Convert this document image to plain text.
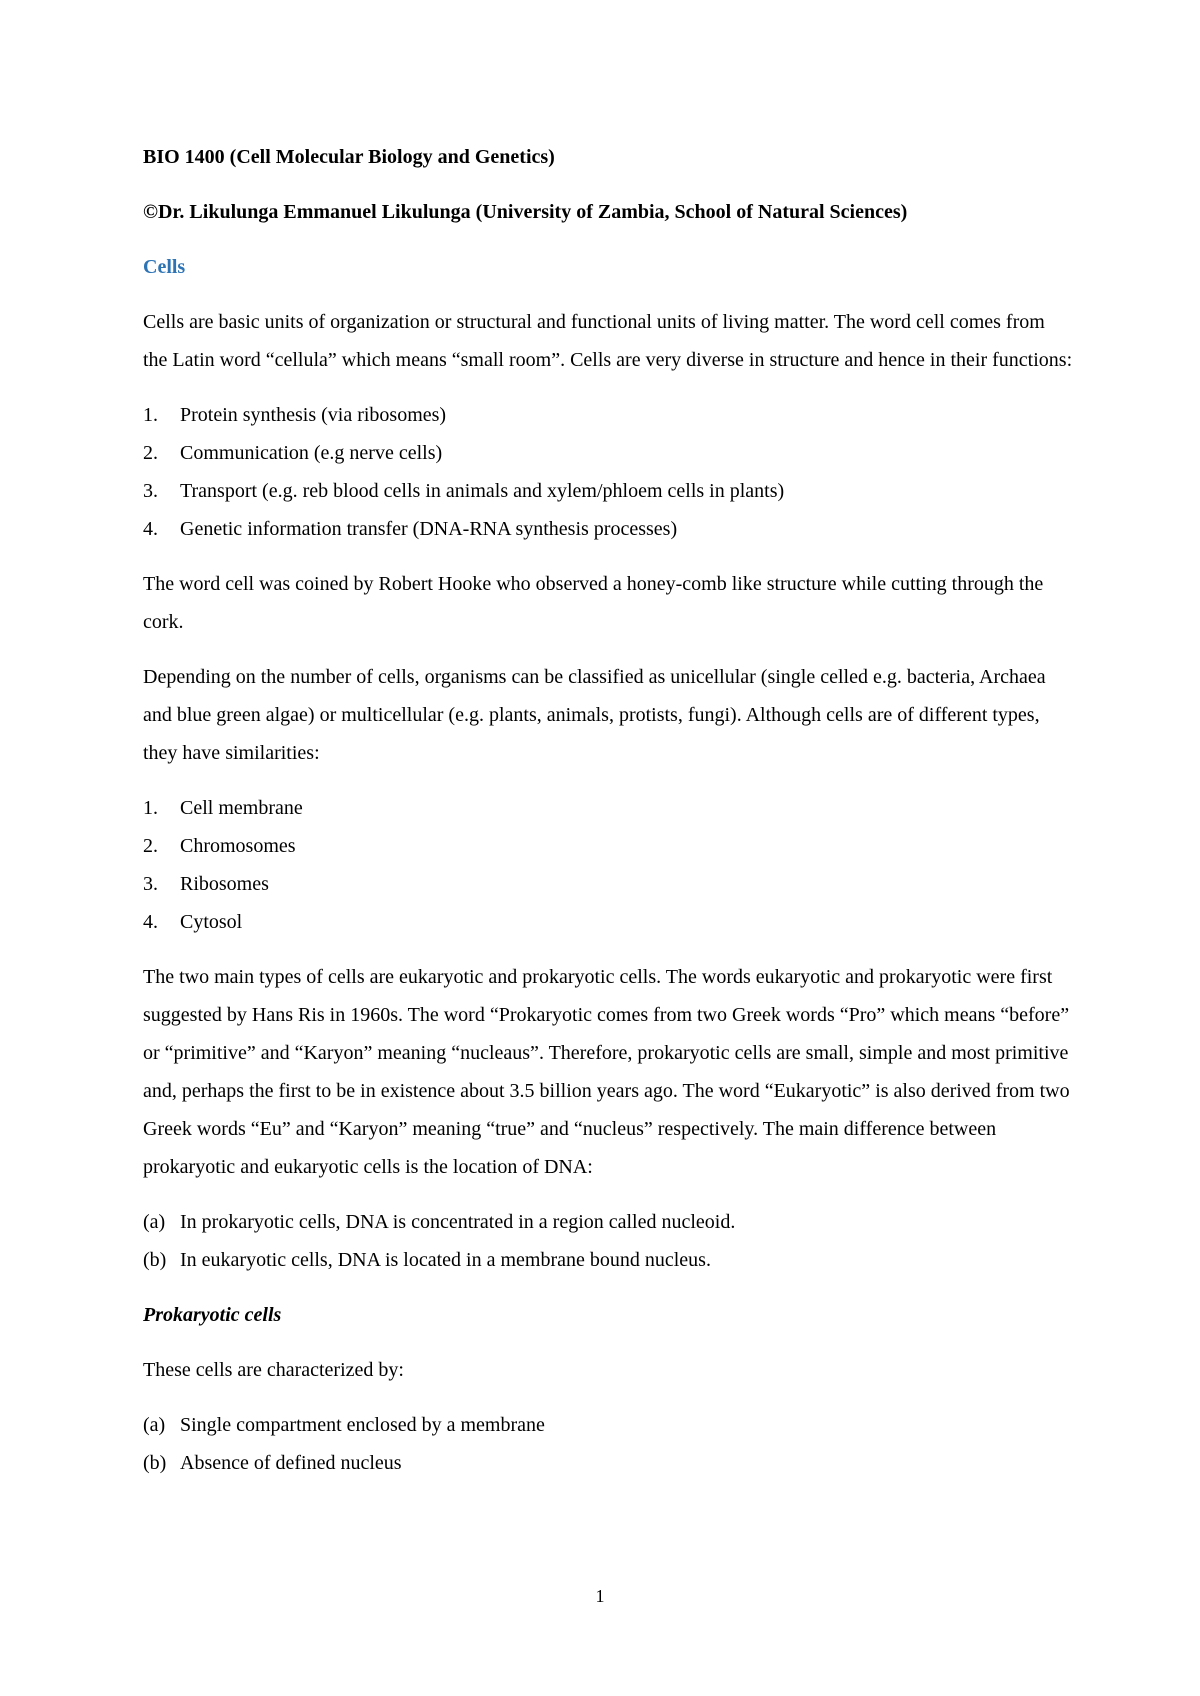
BIO 1400 (Cell Molecular Biology and Genetics)
©Dr. Likulunga Emmanuel Likulunga (University of Zambia, School of Natural Sciences)
Cells

Cells are basic units of organization or structural and functional units of living matter. The word cell comes from the Latin word “cellula” which means “small room”. Cells are very diverse in structure and hence in their functions:

1.	Protein synthesis (via ribosomes)
2.	Communication (e.g nerve cells)
3.	Transport (e.g. reb blood cells in animals and xylem/phloem cells in plants)
4.	Genetic information transfer (DNA-RNA synthesis processes)

The word cell was coined by Robert Hooke who observed a honey-comb like structure while cutting through the cork.

Depending on the number of cells, organisms can be classified as unicellular (single celled e.g. bacteria, Archaea and blue green algae) or multicellular (e.g. plants, animals, protists, fungi). Although cells are of different types, they have similarities:

1.	Cell membrane
2.	Chromosomes
3.	Ribosomes
4.	Cytosol

The two main types of cells are eukaryotic and prokaryotic cells. The words eukaryotic and prokaryotic were first suggested by Hans Ris in 1960s. The word “Prokaryotic comes from two Greek words “Pro” which means “before” or “primitive” and “Karyon” meaning “nucleaus”. Therefore, prokaryotic cells are small, simple and most primitive and, perhaps the first to be in existence about 3.5 billion years ago. The word “Eukaryotic” is also derived from two Greek words “Eu” and “Karyon” meaning “true” and “nucleus” respectively. The main difference between prokaryotic and eukaryotic cells is the location of DNA:

(a) In prokaryotic cells, DNA is concentrated in a region called nucleoid.
(b) In eukaryotic cells, DNA is located in a membrane bound nucleus.
Prokaryotic cells

These cells are characterized by:

(a) Single compartment enclosed by a membrane
(b) Absence of defined nucleus
1
